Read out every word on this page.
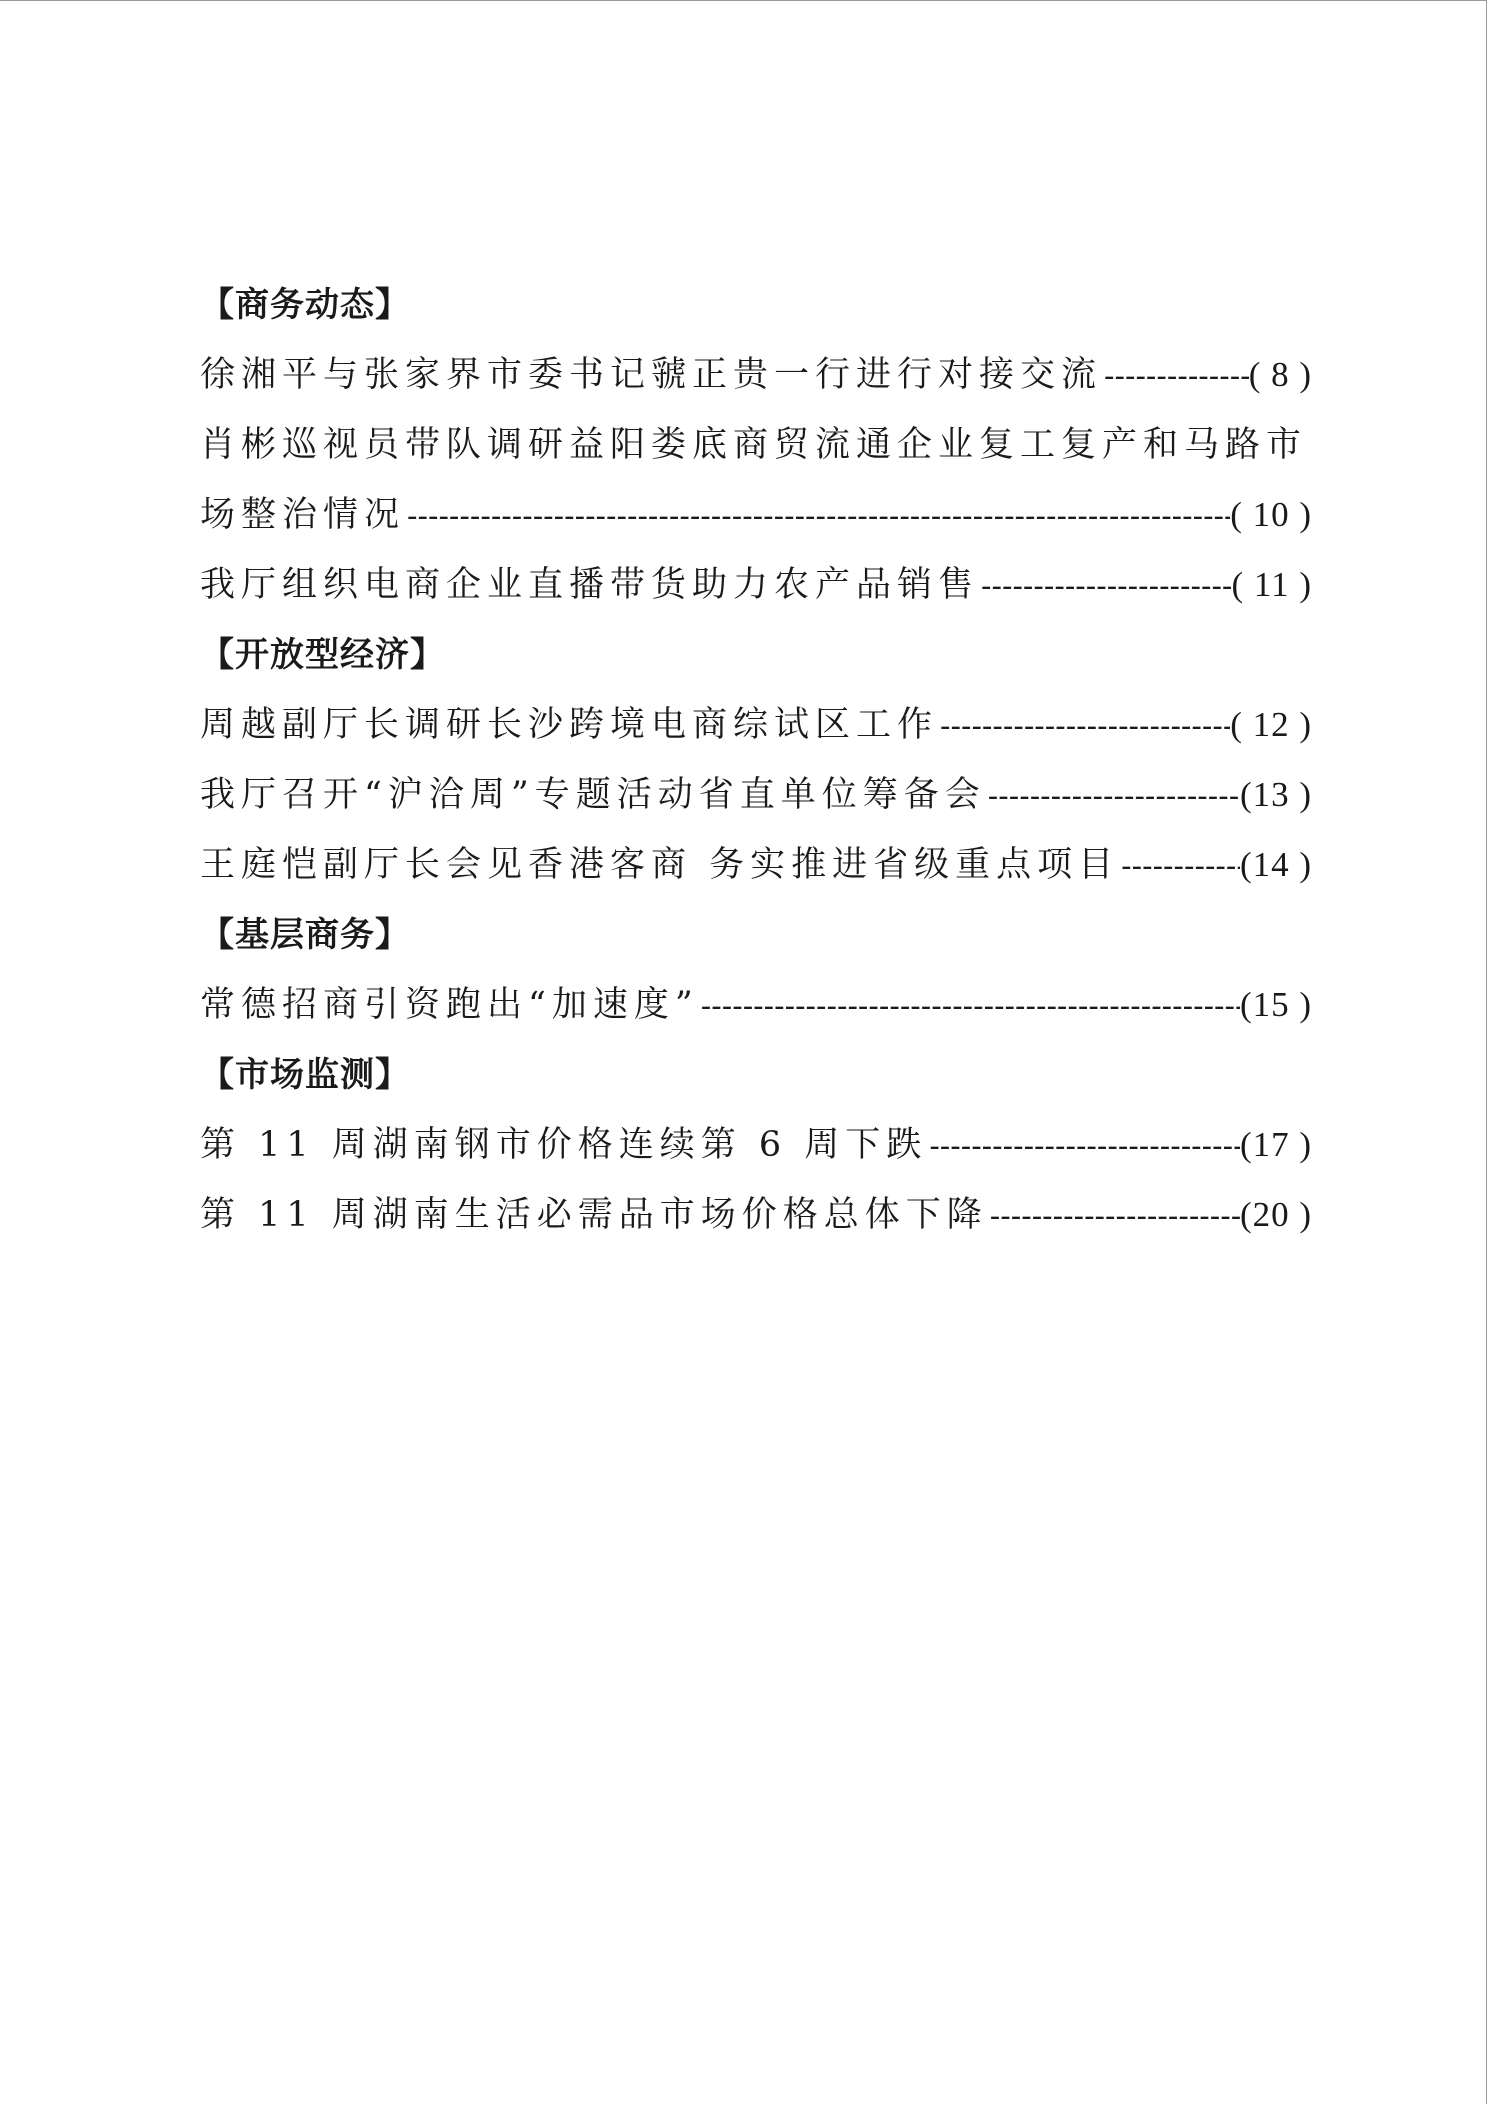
【商务动态】
徐湘平与张家界市委书记虢正贵一行进行对接交流 -----	( 8 )
肖彬巡视员带队调研益阳娄底商贸流通企业复工复产和马路市
场整治情况 -----	( 10 )
我厅组织电商企业直播带货助力农产品销售 -----	( 11 )
【开放型经济】
周越副厅长调研长沙跨境电商综试区工作 -----	( 12 )
我厅召开“沪洽周”专题活动省直单位筹备会 -----	(13 )
王庭恺副厅长会见香港客商 务实推进省级重点项目 -----	(14 )
【基层商务】
常德招商引资跑出“加速度” -----	(15 )
【市场监测】
第 11 周湖南钢市价格连续第 6 周下跌 -----	(17 )
第 11 周湖南生活必需品市场价格总体下降 -----	(20 )
